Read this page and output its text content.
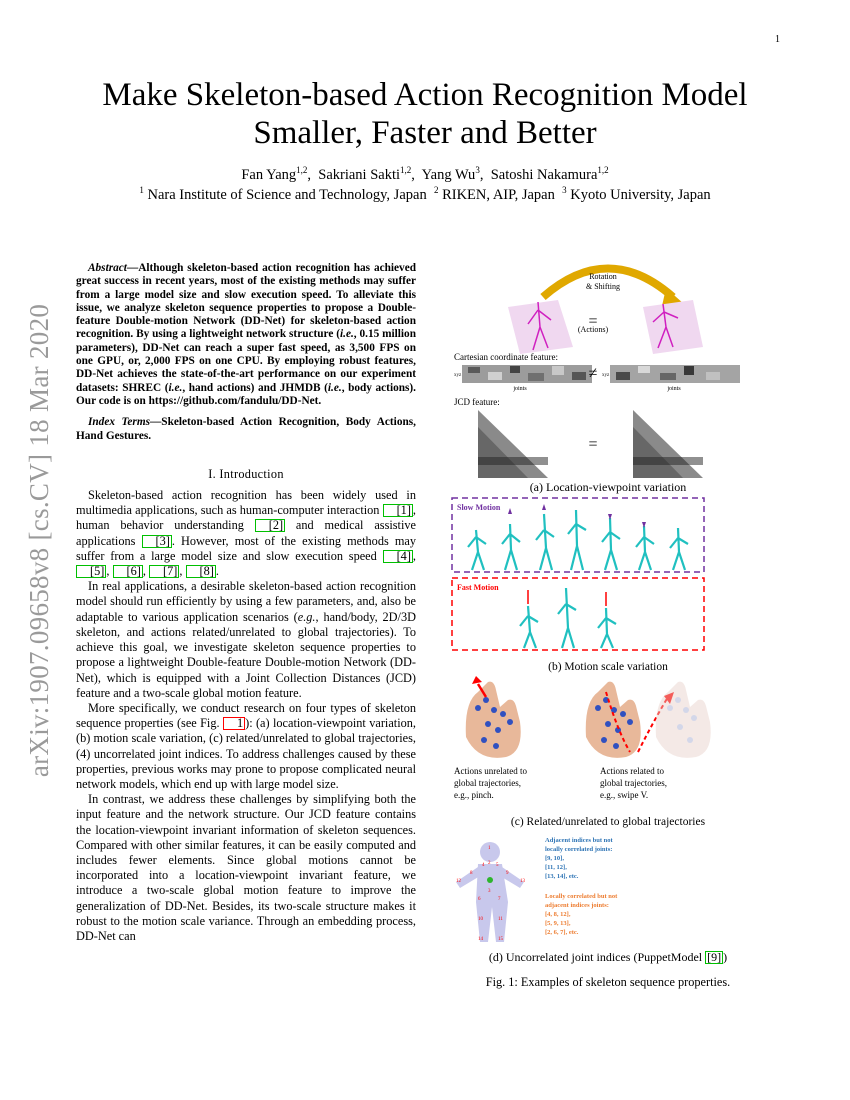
1
arXiv:1907.09658v8 [cs.CV] 18 Mar 2020
Make Skeleton-based Action Recognition Model
Smaller, Faster and Better
Fan Yang$^{1,2}$,  Sakriani Sakti$^{1,2}$,  Yang Wu$^3$,  Satoshi Nakamura$^{1,2}$
$^1$ Nara Institute of Science and Technology, Japan $^2$ RIKEN, AIP, Japan $^3$ Kyoto University, Japan

Abstract—Although skeleton-based action recognition has achieved great success in recent years, most of the existing methods may suffer from a large model size and slow execution speed. To alleviate this issue, we analyze skeleton sequence properties to propose a Double-feature Double-motion Network (DD-Net) for skeleton-based action recognition. By using a lightweight network structure (i.e., 0.15 million parameters), DD-Net can reach a super fast speed, as 3,500 FPS on one GPU, or, 2,000 FPS on one CPU. By employing robust features, DD-Net achieves the state-of-the-art performance on our experiment datasets: SHREC (i.e., hand actions) and JHMDB (i.e., body actions). Our code is on https://github.com/fandulu/DD-Net.

Index Terms—Skeleton-based Action Recognition, Body Actions, Hand Gestures.

I. Introduction

Skeleton-based action recognition has been widely used in multimedia applications, such as human-computer interaction [1] , human behavior understanding [2] and medical assistive applications [3] . However, most of the existing methods may suffer from a large model size and slow execution speed [4] , [5] , [6] , [7] , [8] .

In real applications, a desirable skeleton-based action recognition model should run efficiently by using a few parameters, and, also be adaptable to various application scenarios (e.g., hand/body, 2D/3D skeleton, and actions related/unrelated to global trajectories). To achieve this goal, we investigate skeleton sequence properties to propose a lightweight Double-feature Double-motion Network (DD-Net), which is equipped with a Joint Collection Distances (JCD) feature and a two-scale global motion feature.

More specifically, we conduct research on four types of skeleton sequence properties (see Fig. 1 ): (a) location-viewpoint variation, (b) motion scale variation, (c) related/unrelated to global trajectories, (4) uncorrelated joint indices. To address challenges caused by these properties, previous works may prone to propose complicated neural network models, which end up with large model size.

In contrast, we address these challenges by simplifying both the input feature and the network structure. Our JCD feature contains the location-viewpoint invariant information of skeleton sequences. Compared with other similar features, it can be easily computed and includes fewer elements. Since global motions cannot be incorporated into a location-viewpoint invariant feature, we introduce a two-scale global motion feature to improve the generalization of DD-Net. Besides, its two-scale structure makes it robust to the motion scale variance. Through an embedding process, DD-Net can

Rotation
& Shifting
=
(Actions)
Cartesian coordinate feature:
xyz
joints
≠ xyz
joints
JCD feature:
=
Slow Motion
Fast Motion
(b) Motion scale variation
Actions unrelated to
global trajectories,
e.g., pinch.
Actions related to
global trajectories,
e.g., swipe V.
(c) Related/unrelated to global trajectories
1
2
3
4 5
6	7
8	9
10	11
12	13
14	15
Adjacent indices but not
locally correlated joints:
[9, 10],
[11, 12],
[13, 14], etc.
Locally correlated but not
adjacent indices joints:
[4, 8, 12],
[5, 9, 13],
[2, 6, 7], etc.
(a) Location-viewpoint variation
(d) Uncorrelated joint indices (PuppetModel [9] )
Fig. 1: Examples of skeleton sequence properties.
